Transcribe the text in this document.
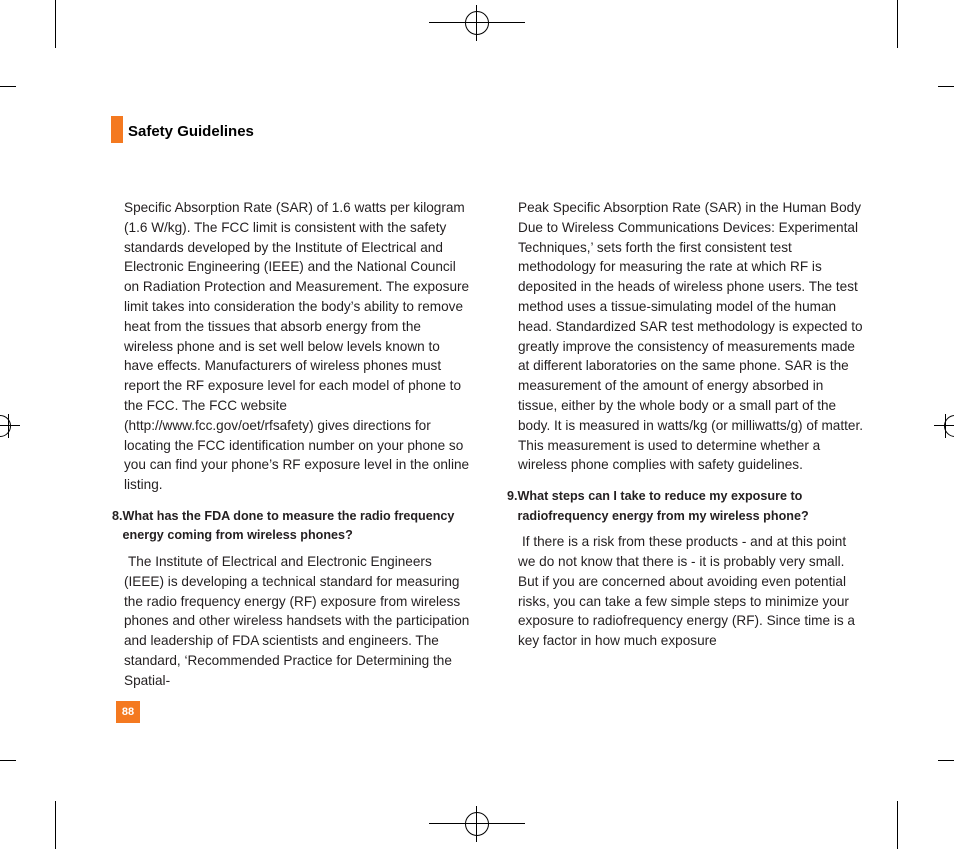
Safety Guidelines

Specific Absorption Rate (SAR) of 1.6 watts per kilogram (1.6 W/kg). The FCC limit is consistent with the safety standards developed by the Institute of Electrical and Electronic Engineering (IEEE) and the National Council on Radiation Protection and Measurement. The exposure limit takes into consideration the body’s ability to remove heat from the tissues that absorb energy from the wireless phone and is set well below levels known to have effects. Manufacturers of wireless phones must report the RF exposure level for each model of phone to the FCC. The FCC website (http://www.fcc.gov/oet/rfsafety) gives directions for locating the FCC identification number on your phone so you can find your phone’s RF exposure level in the online listing.

8. What has the FDA done to measure the radio frequency energy coming from wireless phones?

The Institute of Electrical and Electronic Engineers (IEEE) is developing a technical standard for measuring the radio frequency energy (RF) exposure from wireless phones and other wireless handsets with the participation and leadership of FDA scientists and engineers. The standard, ‘Recommended Practice for Determining the Spatial-

Peak Specific Absorption Rate (SAR) in the Human Body Due to Wireless Communications Devices: Experimental Techniques,’ sets forth the first consistent test methodology for measuring the rate at which RF is deposited in the heads of wireless phone users. The test method uses a tissue-simulating model of the human head. Standardized SAR test methodology is expected to greatly improve the consistency of measurements made at different laboratories on the same phone. SAR is the measurement of the amount of energy absorbed in tissue, either by the whole body or a small part of the body. It is measured in watts/kg (or milliwatts/g) of matter. This measurement is used to determine whether a wireless phone complies with safety guidelines.

9. What steps can I take to reduce my exposure to radiofrequency energy from my wireless phone?

If there is a risk from these products - and at this point we do not know that there is - it is probably very small. But if you are concerned about avoiding even potential risks, you can take a few simple steps to minimize your exposure to radiofrequency energy (RF). Since time is a key factor in how much exposure

88
